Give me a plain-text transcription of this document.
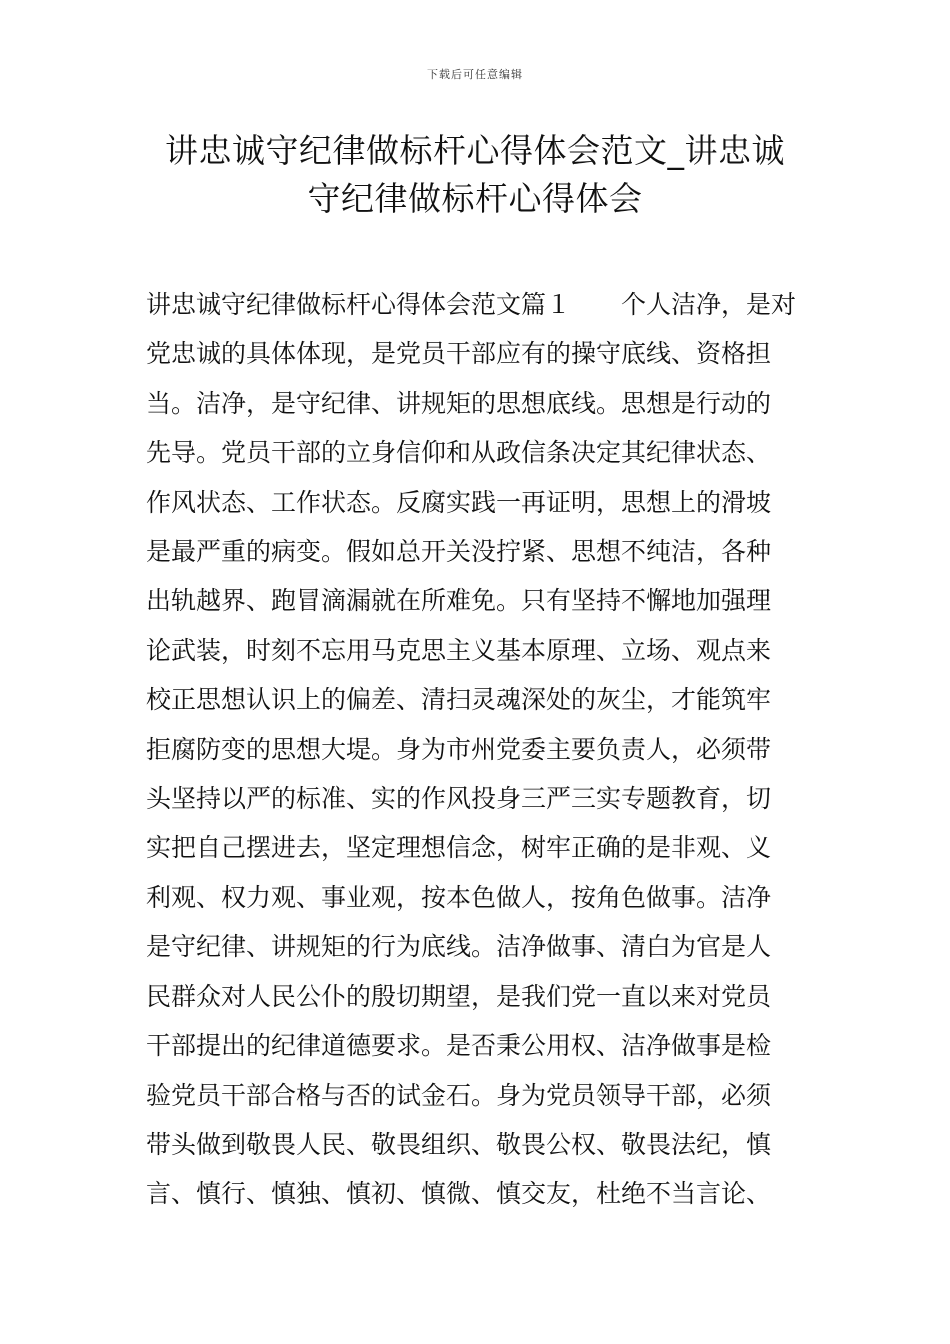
下载后可任意编辑
讲忠诚守纪律做标杆心得体会范文_讲忠诚
守纪律做标杆心得体会
讲忠诚守纪律做标杆心得体会范文篇１　　个人洁净，是对
党忠诚的具体体现，是党员干部应有的操守底线、资格担
当。洁净，是守纪律、讲规矩的思想底线。思想是行动的
先导。党员干部的立身信仰和从政信条决定其纪律状态、
作风状态、工作状态。反腐实践一再证明，思想上的滑坡
是最严重的病变。假如总开关没拧紧、思想不纯洁，各种
出轨越界、跑冒滴漏就在所难免。只有坚持不懈地加强理
论武装，时刻不忘用马克思主义基本原理、立场、观点来
校正思想认识上的偏差、清扫灵魂深处的灰尘，才能筑牢
拒腐防变的思想大堤。身为市州党委主要负责人，必须带
头坚持以严的标准、实的作风投身三严三实专题教育，切
实把自己摆进去，坚定理想信念，树牢正确的是非观、义
利观、权力观、事业观，按本色做人，按角色做事。洁净
是守纪律、讲规矩的行为底线。洁净做事、清白为官是人
民群众对人民公仆的殷切期望，是我们党一直以来对党员
干部提出的纪律道德要求。是否秉公用权、洁净做事是检
验党员干部合格与否的试金石。身为党员领导干部，必须
带头做到敬畏人民、敬畏组织、敬畏公权、敬畏法纪，慎
言、慎行、慎独、慎初、慎微、慎交友，杜绝不当言论、
